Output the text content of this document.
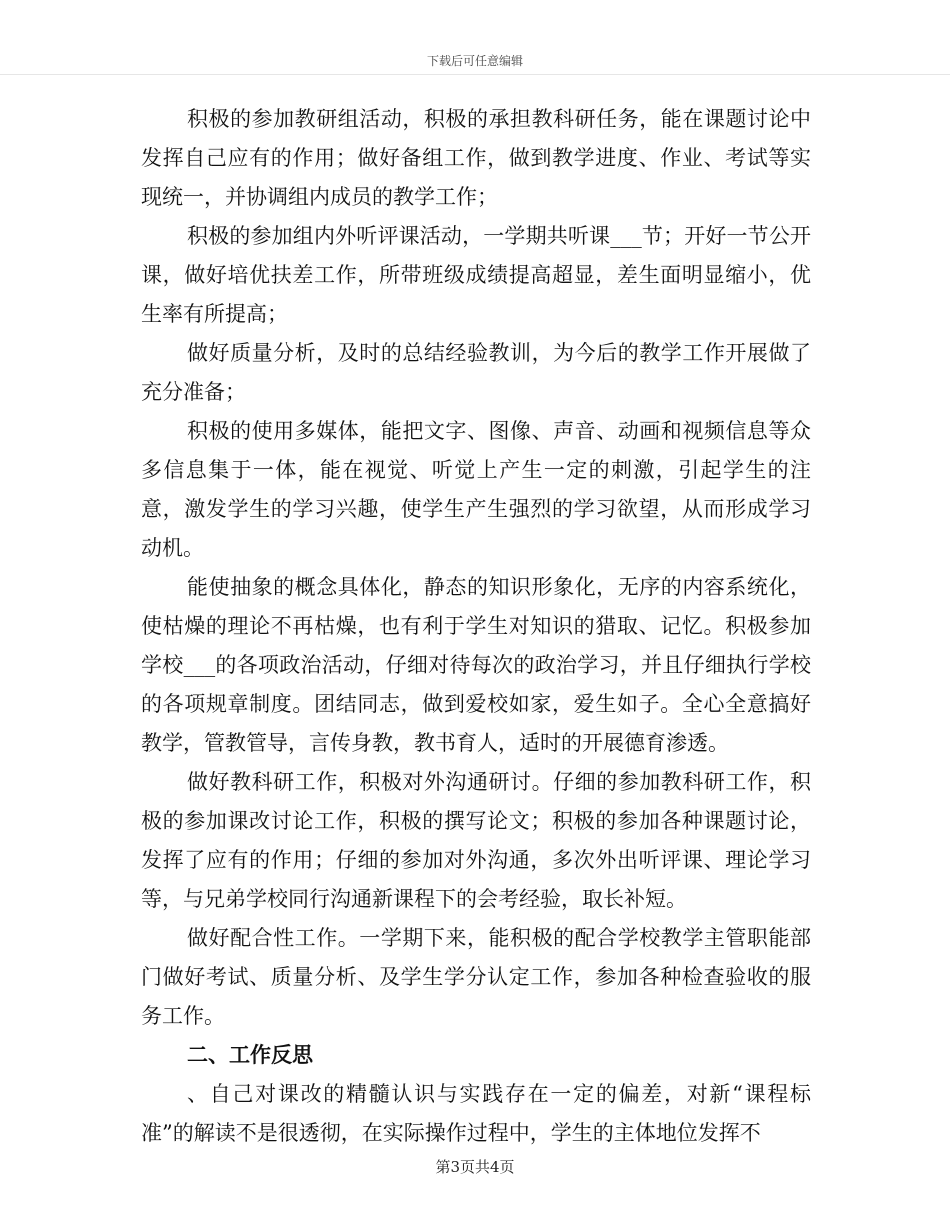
下载后可任意编辑

积极的参加教研组活动，积极的承担教科研任务，能在课题讨论中发挥自己应有的作用；做好备组工作，做到教学进度、作业、考试等实现统一，并协调组内成员的教学工作；

积极的参加组内外听评课活动，一学期共听课___节；开好一节公开课，做好培优扶差工作，所带班级成绩提高超显，差生面明显缩小，优生率有所提高；

做好质量分析，及时的总结经验教训，为今后的教学工作开展做了充分准备；

积极的使用多媒体，能把文字、图像、声音、动画和视频信息等众多信息集于一体，能在视觉、听觉上产生一定的刺激，引起学生的注意，激发学生的学习兴趣，使学生产生强烈的学习欲望，从而形成学习动机。

能使抽象的概念具体化，静态的知识形象化，无序的内容系统化，使枯燥的理论不再枯燥，也有利于学生对知识的猎取、记忆。积极参加学校___的各项政治活动，仔细对待每次的政治学习，并且仔细执行学校的各项规章制度。团结同志，做到爱校如家，爱生如子。全心全意搞好教学，管教管导，言传身教，教书育人，适时的开展德育渗透。

做好教科研工作，积极对外沟通研讨。仔细的参加教科研工作，积极的参加课改讨论工作，积极的撰写论文；积极的参加各种课题讨论，发挥了应有的作用；仔细的参加对外沟通，多次外出听评课、理论学习等，与兄弟学校同行沟通新课程下的会考经验，取长补短。

做好配合性工作。一学期下来，能积极的配合学校教学主管职能部门做好考试、质量分析、及学生学分认定工作，参加各种检查验收的服务工作。

二、工作反思

、自己对课改的精髓认识与实践存在一定的偏差，对新“课程标准”的解读不是很透彻，在实际操作过程中，学生的主体地位发挥不

第3页共4页
